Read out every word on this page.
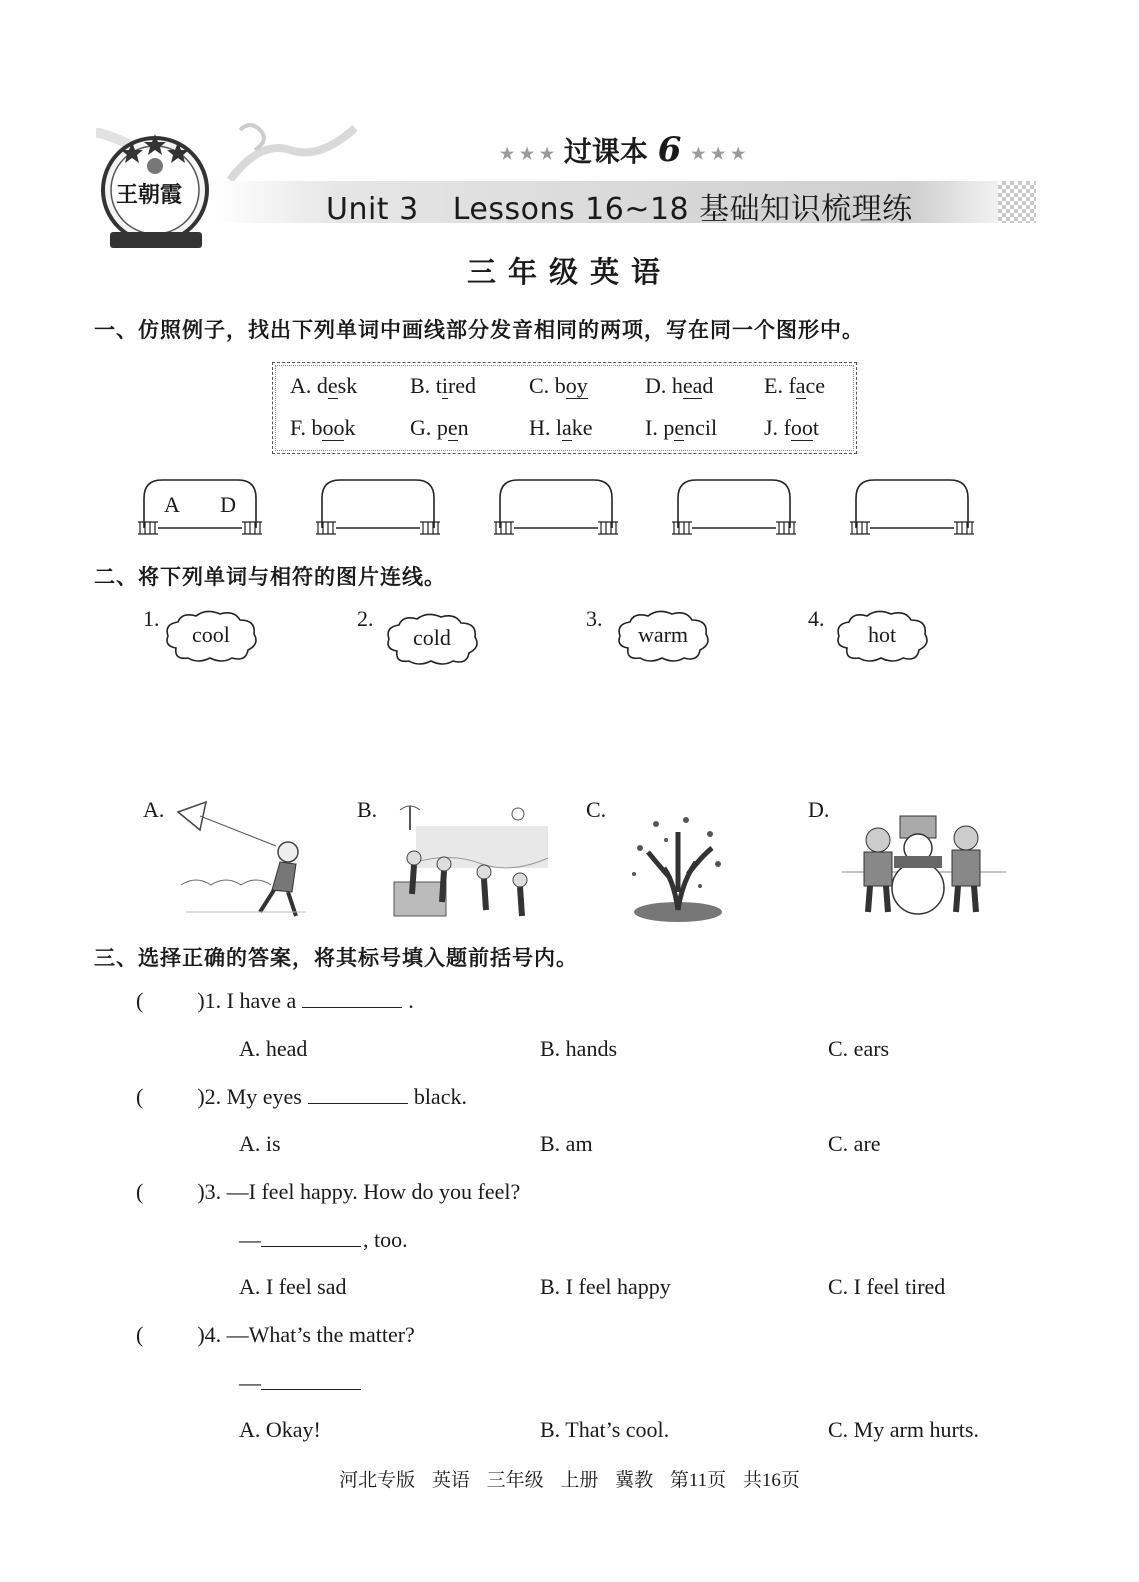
王朝霞
★ ★ ★ 过课本 6 ★ ★ ★
Unit 3 Lessons 16~18 基础知识梳理练
三年级英语
一、仿照例子，找出下列单词中画线部分发音相同的两项，写在同一个图形中。
A. desk B. tired C. boy	D. head E. face
F. book G. pen	H. lake I. pencil J. foot
A D
二、将下列单词与相符的图片连线。
1.
cool
2.
cold
3.
warm
4.
hot
A.	B.	C.	D.
三、选择正确的答案，将其标号填入题前括号内。
( )1. I have a	.
A. head	B. hands	C. ears
( )2. My eyes	black.
A. is	B. am	C. are
( )3. —I feel happy. How do you feel?
—	, too.
A. I feel sad	B. I feel happy	C. I feel tired
( )4. —What’s the matter?
—
A. Okay!	B. That’s cool.	C. My arm hurts.
河北专版 英语 三年级 上册 冀教 第11页 共16页
